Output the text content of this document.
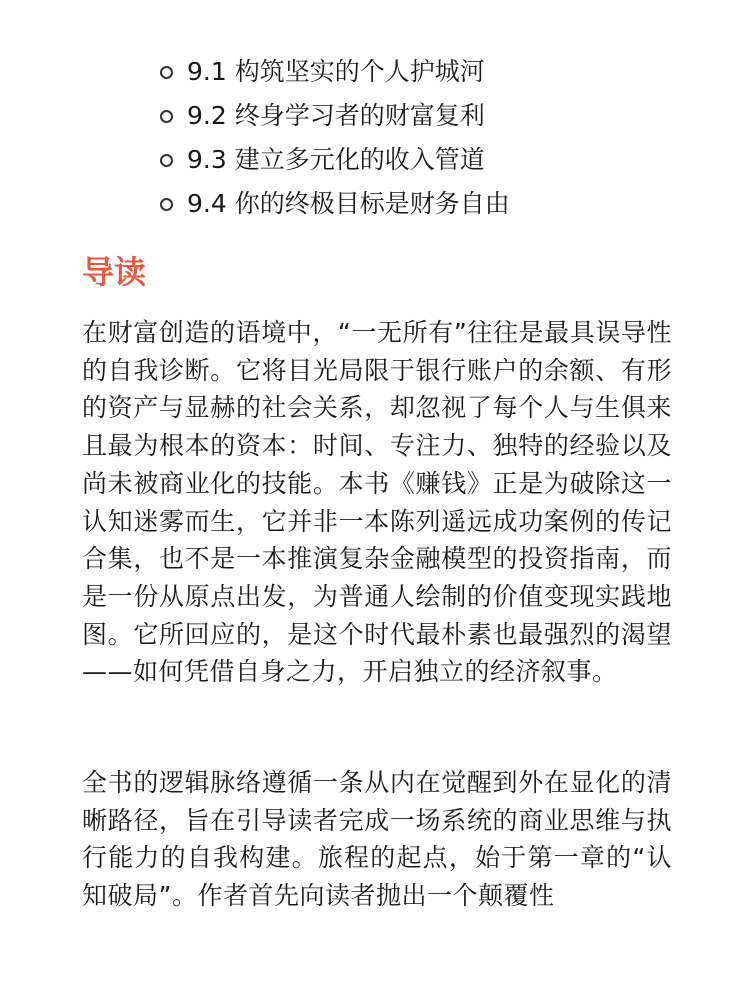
9.1 构筑坚实的个人护城河
9.2 终身学习者的财富复利
9.3 建立多元化的收入管道
9.4 你的终极目标是财务自由
导读

在财富创造的语境中，“一无所有”往往是最具误导性的自我诊断。它将目光局限于银行账户的余额、有形的资产与显赫的社会关系，却忽视了每个人与生俱来且最为根本的资本：时间、专注力、独特的经验以及尚未被商业化的技能。本书《赚钱》正是为破除这一认知迷雾而生，它并非一本陈列遥远成功案例的传记合集，也不是一本推演复杂金融模型的投资指南，而是一份从原点出发，为普通人绘制的价值变现实践地图。它所回应的，是这个时代最朴素也最强烈的渴望——如何凭借自身之力，开启独立的经济叙事。

全书的逻辑脉络遵循一条从内在觉醒到外在显化的清晰路径，旨在引导读者完成一场系统的商业思维与执行能力的自我构建。旅程的起点，始于第一章的“认知破局”。作者首先向读者抛出一个颠覆性
